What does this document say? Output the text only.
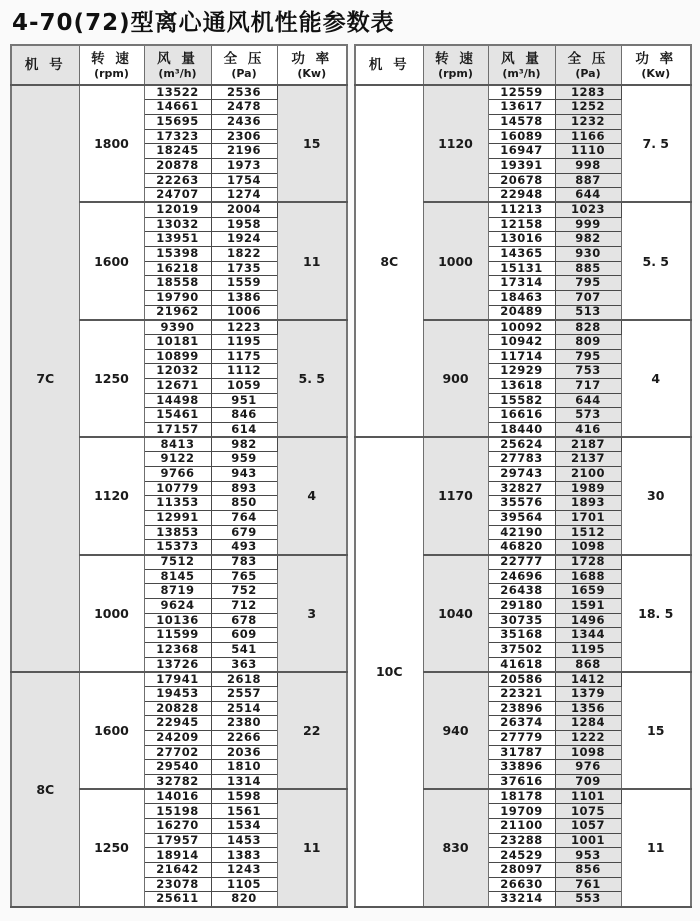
4-70(72)型离心通风机性能参数表
机 号	转 速
(rpm)

风 量
(m³/h)

全 压
(Pa)

功 率
(Kw)

7C	1800	13522	2536	15
		14661	2478	
		15695	2436	
		17323	2306	
		18245	2196	
		20878	1973	
		22263	1754	
		24707	1274	
	1600	12019	2004	11
		13032	1958	
		13951	1924	
		15398	1822	
		16218	1735	
		18558	1559	
		19790	1386	
		21962	1006	
	1250	9390	1223	5. 5
		10181	1195	
		10899	1175	
		12032	1112	
		12671	1059	
		14498	951	
		15461	846	
		17157	614	
	1120	8413	982	4
		9122	959	
		9766	943	
		10779	893	
		11353	850	
		12991	764	
		13853	679	
		15373	493	
	1000	7512	783	3
		8145	765	
		8719	752	
		9624	712	
		10136	678	
		11599	609	
		12368	541	
		13726	363	
8C	1600	17941	2618	22
		19453	2557	
		20828	2514	
		22945	2380	
		24209	2266	
		27702	2036	
		29540	1810	
		32782	1314	
	1250	14016	1598	11
		15198	1561	
		16270	1534	
		17957	1453	
		18914	1383	
		21642	1243	
		23078	1105	
		25611	820	
机 号	转 速
(rpm)

风 量
(m³/h)

全 压
(Pa)

功 率
(Kw)

8C	1120	12559	1283	7. 5
		13617	1252	
		14578	1232	
		16089	1166	
		16947	1110	
		19391	998	
		20678	887	
		22948	644	
	1000	11213	1023	5. 5
		12158	999	
		13016	982	
		14365	930	
		15131	885	
		17314	795	
		18463	707	
		20489	513	
	900	10092	828	4
		10942	809	
		11714	795	
		12929	753	
		13618	717	
		15582	644	
		16616	573	
		18440	416	
10C	1170	25624	2187	30
		27783	2137	
		29743	2100	
		32827	1989	
		35576	1893	
		39564	1701	
		42190	1512	
		46820	1098	
	1040	22777	1728	18. 5
		24696	1688	
		26438	1659	
		29180	1591	
		30735	1496	
		35168	1344	
		37502	1195	
		41618	868	
	940	20586	1412	15
		22321	1379	
		23896	1356	
		26374	1284	
		27779	1222	
		31787	1098	
		33896	976	
		37616	709	
	830	18178	1101	11
		19709	1075	
		21100	1057	
		23288	1001	
		24529	953	
		28097	856	
		26630	761	
		33214	553	
